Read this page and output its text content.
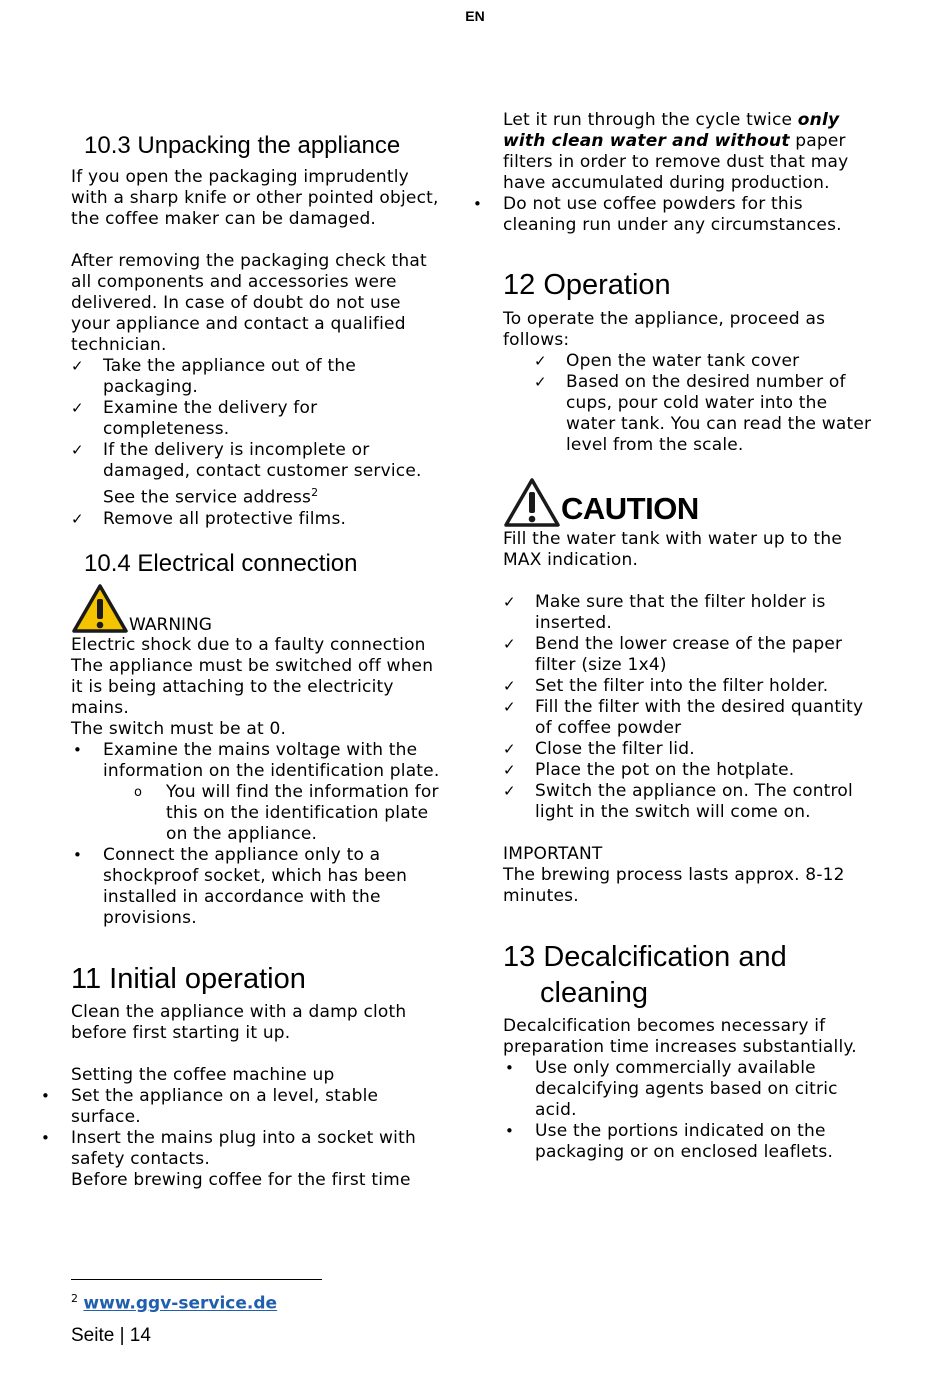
EN
10.3 Unpacking the appliance

If you open the packaging imprudently with a sharp knife or other pointed object, the coffee maker can be damaged.

After removing the packaging check that all components and accessories were delivered. In case of doubt do not use your appliance and contact a qualified technician.

✓ Take the appliance out of the packaging.
✓ Examine the delivery for completeness.
✓ If the delivery is incomplete or damaged, contact customer service. See the service address$^2$
✓ Remove all protective films.
10.4 Electrical connection
WARNING

Electric shock due to a faulty connection

The appliance must be switched off when it is being attaching to the electricity mains.

The switch must be at 0.

• Examine the mains voltage with the information on the identification plate.
o You will find the information for this on the identification plate on the appliance.
• Connect the appliance only to a shockproof socket, which has been installed in accordance with the provisions.
11 Initial operation

Clean the appliance with a damp cloth before first starting it up.

Setting the coffee machine up

• Set the appliance on a level, stable surface.
• Insert the mains plug into a socket with safety contacts.

Before brewing coffee for the first time

Let it run through the cycle twice only with clean water and without paper filters in order to remove dust that may have accumulated during production.

• Do not use coffee powders for this cleaning run under any circumstances.
12 Operation

To operate the appliance, proceed as follows:

✓ Open the water tank cover
✓ Based on the desired number of cups, pour cold water into the water tank. You can read the water level from the scale.
CAUTION

Fill the water tank with water up to the MAX indication.

✓ Make sure that the filter holder is inserted.
✓ Bend the lower crease of the paper filter (size 1x4)
✓ Set the filter into the filter holder.
✓ Fill the filter with the desired quantity of coffee powder
✓ Close the filter lid.
✓ Place the pot on the hotplate.
✓ Switch the appliance on. The control light in the switch will come on.

IMPORTANT

The brewing process lasts approx. 8-12 minutes.

13 Decalcification and
cleaning

Decalcification becomes necessary if preparation time increases substantially.

• Use only commercially available decalcifying agents based on citric acid.
• Use the portions indicated on the packaging or on enclosed leaflets.
$^2$ www.ggv-service.de
Seite | 14
